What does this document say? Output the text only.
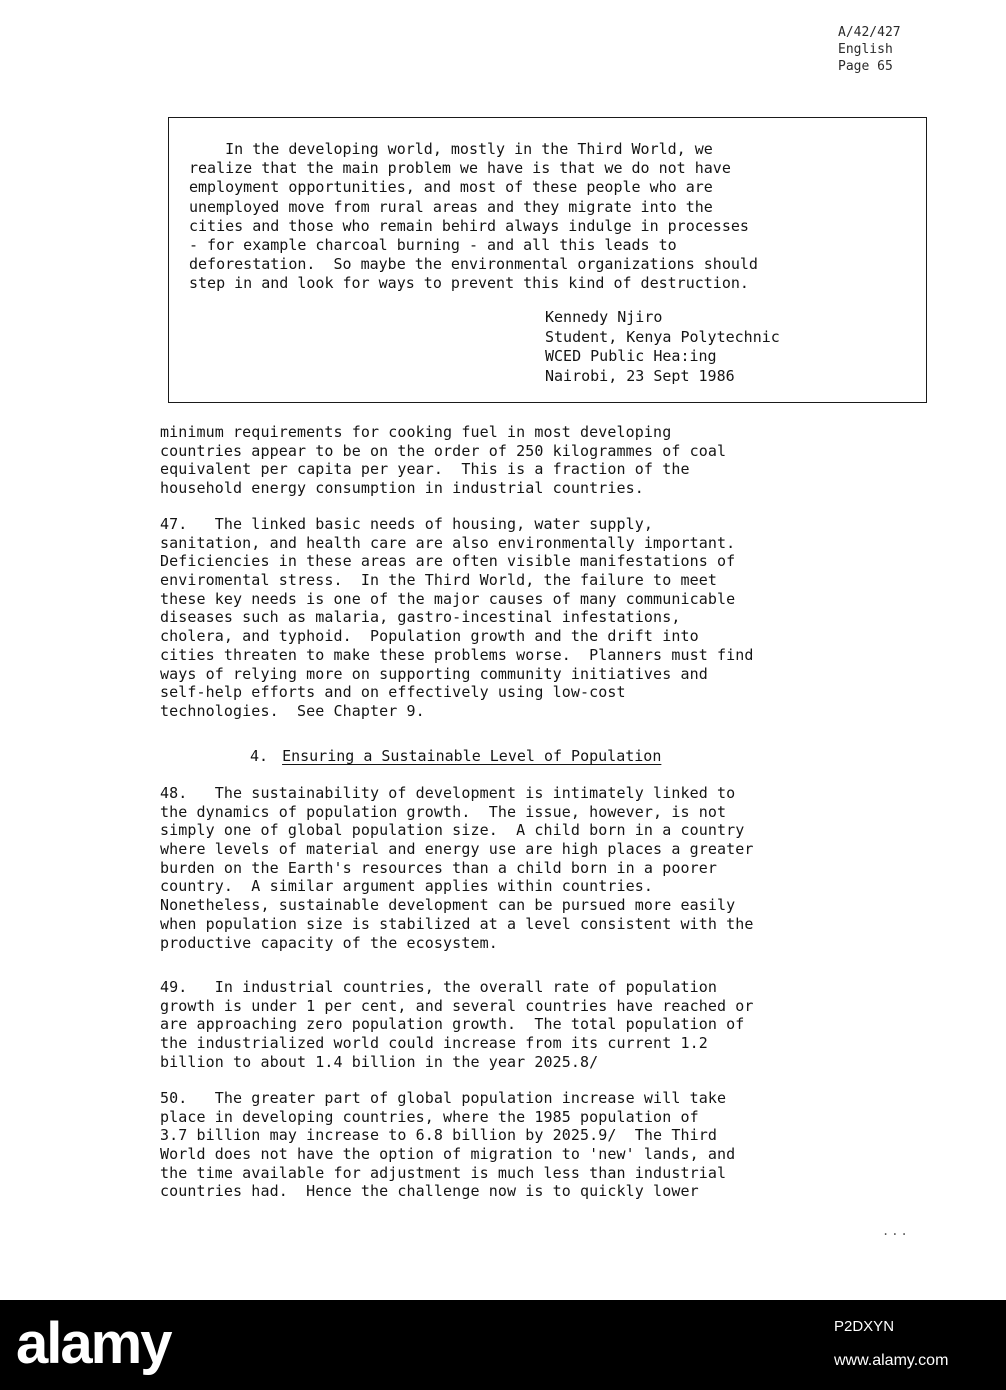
A/42/427
English
Page 65
In the developing world, mostly in the Third World, we
realize that the main problem we have is that we do not have
employment opportunities, and most of these people who are
unemployed move from rural areas and they migrate into the
cities and those who remain behird always indulge in processes
- for example charcoal burning - and all this leads to
deforestation.  So maybe the environmental organizations should
step in and look for ways to prevent this kind of destruction.
Kennedy Njiro
Student, Kenya Polytechnic
WCED Public Hea:ing
Nairobi, 23 Sept 1986
minimum requirements for cooking fuel in most developing
countries appear to be on the order of 250 kilogrammes of coal
equivalent per capita per year.  This is a fraction of the
household energy consumption in industrial countries.
47.   The linked basic needs of housing, water supply,
sanitation, and health care are also environmentally important.
Deficiencies in these areas are often visible manifestations of
enviromental stress.  In the Third World, the failure to meet
these key needs is one of the major causes of many communicable
diseases such as malaria, gastro-incestinal infestations,
cholera, and typhoid.  Population growth and the drift into
cities threaten to make these problems worse.  Planners must find
ways of relying more on supporting community initiatives and
self-help efforts and on effectively using low-cost
technologies.  See Chapter 9.
4. Ensuring a Sustainable Level of Population
48.   The sustainability of development is intimately linked to
the dynamics of population growth.  The issue, however, is not
simply one of global population size.  A child born in a country
where levels of material and energy use are high places a greater
burden on the Earth's resources than a child born in a poorer
country.  A similar argument applies within countries.
Nonetheless, sustainable development can be pursued more easily
when population size is stabilized at a level consistent with the
productive capacity of the ecosystem.
49.   In industrial countries, the overall rate of population
growth is under 1 per cent, and several countries have reached or
are approaching zero population growth.  The total population of
the industrialized world could increase from its current 1.2
billion to about 1.4 billion in the year 2025.8/
50.   The greater part of global population increase will take
place in developing countries, where the 1985 population of
3.7 billion may increase to 6.8 billion by 2025.9/  The Third
World does not have the option of migration to 'new' lands, and
the time available for adjustment is much less than industrial
countries had.  Hence the challenge now is to quickly lower
...
alamy	P2DXYN
www.alamy.com
